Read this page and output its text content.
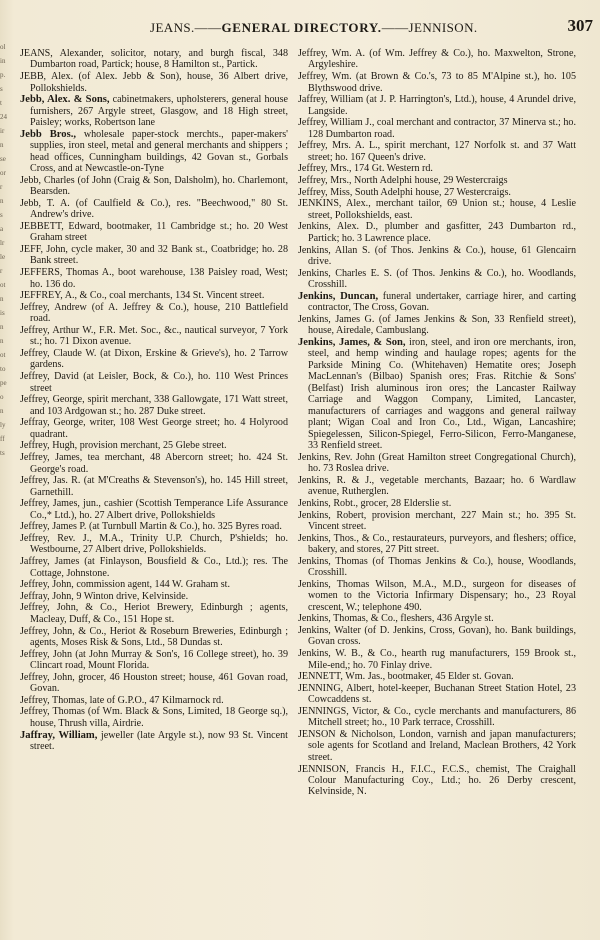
ol
in
p.
s
t
24
ir
n
se
or
r
n
s
a
lr
le
r
ot
n
is
n
n
ot
to
pe
o
n
ly
ff
ts
JEANS.——GENERAL DIRECTORY.——JENNISON.	307
JEANS, Alexander, solicitor, notary, and burgh fiscal, 348 Dumbarton road, Partick; house, 8 Hamilton st., Partick.
JEBB, Alex. (of Alex. Jebb & Son), house, 36 Albert drive, Pollokshields.
Jebb, Alex. & Sons, cabinetmakers, upholsterers, general house furnishers, 267 Argyle street, Glasgow, and 18 High street, Paisley; works, Robertson lane
Jebb Bros., wholesale paper-stock merchts., paper-makers' supplies, iron steel, metal and general merchants and shippers ; head offices, Cunningham buildings, 42 Govan st., Gorbals Cross, and at Newcastle-on-Tyne
Jebb, Charles (of John (Craig & Son, Dalsholm), ho. Charlemont, Bearsden.
Jebb, T. A. (of Caulfield & Co.), res. "Beechwood," 80 St. Andrew's drive.
JEBBETT, Edward, bootmaker, 11 Cambridge st.; ho. 20 West Graham street
JEFF, John, cycle maker, 30 and 32 Bank st., Coatbridge; ho. 28 Bank street.
JEFFERS, Thomas A., boot warehouse, 138 Paisley road, West; ho. 136 do.
JEFFREY, A., & Co., coal merchants, 134 St. Vincent street.
Jeffrey, Andrew (of A. Jeffrey & Co.), house, 210 Battlefield road.
Jeffrey, Arthur W., F.R. Met. Soc., &c., nautical surveyor, 7 York st.; ho. 71 Dixon avenue.
Jeffrey, Claude W. (at Dixon, Erskine & Grieve's), ho. 2 Tarrow gardens.
Jeffrey, David (at Leisler, Bock, & Co.), ho. 110 West Princes street
Jeffrey, George, spirit merchant, 338 Gallowgate, 171 Watt street, and 103 Ardgowan st.; ho. 287 Duke street.
Jeffray, George, writer, 108 West George street; ho. 4 Holyrood quadrant.
Jeffrey, Hugh, provision merchant, 25 Glebe street.
Jeffrey, James, tea merchant, 48 Abercorn street; ho. 424 St. George's road.
Jeffrey, Jas. R. (at M'Creaths & Stevenson's), ho. 145 Hill street, Garnethill.
Jeffrey, James, jun., cashier (Scottish Temperance Life Assurance Co.,* Ltd.), ho. 27 Albert drive, Pollokshields
Jeffrey, James P. (at Turnbull Martin & Co.), ho. 325 Byres road.
Jeffrey, Rev. J., M.A., Trinity U.P. Church, P'shields; ho. Westbourne, 27 Albert drive, Pollokshields.
Jaffrey, James (at Finlayson, Bousfield & Co., Ltd.); res. The Cottage, Johnstone.
Jeffrey, John, commission agent, 144 W. Graham st.
Jeffray, John, 9 Winton drive, Kelvinside.
Jeffrey, John, & Co., Heriot Brewery, Edinburgh ; agents, Macleay, Duff, & Co., 151 Hope st.
Jeffrey, John, & Co., Heriot & Roseburn Breweries, Edinburgh ; agents, Moses Risk & Sons, Ltd., 58 Dundas st.
Jeffrey, John (at John Murray & Son's, 16 College street), ho. 39 Clincart road, Mount Florida.
Jeffrey, John, grocer, 46 Houston street; house, 461 Govan road, Govan.
Jeffrey, Thomas, late of G.P.O., 47 Kilmarnock rd.
Jeffrey, Thomas (of Wm. Black & Sons, Limited, 18 George sq.), house, Thrush villa, Airdrie.
Jaffray, William, jeweller (late Argyle st.), now 93 St. Vincent street.
Jeffrey, Wm. A. (of Wm. Jeffrey & Co.), ho. Maxwelton, Strone, Argyleshire.
Jeffrey, Wm. (at Brown & Co.'s, 73 to 85 M'Alpine st.), ho. 105 Blythswood drive.
Jaffrey, William (at J. P. Harrington's, Ltd.), house, 4 Arundel drive, Langside.
Jeffrey, William J., coal merchant and contractor, 37 Minerva st.; ho. 128 Dumbarton road.
Jeffrey, Mrs. A. L., spirit merchant, 127 Norfolk st. and 37 Watt street; ho. 167 Queen's drive.
Jeffrey, Mrs., 174 Gt. Western rd.
Jeffrey, Mrs., North Adelphi house, 29 Westercraigs
Jeffrey, Miss, South Adelphi house, 27 Westercraigs.
JENKINS, Alex., merchant tailor, 69 Union st.; house, 4 Leslie street, Pollokshields, east.
Jenkins, Alex. D., plumber and gasfitter, 243 Dumbarton rd., Partick; ho. 3 Lawrence place.
Jenkins, Allan S. (of Thos. Jenkins & Co.), house, 61 Glencairn drive.
Jenkins, Charles E. S. (of Thos. Jenkins & Co.), ho. Woodlands, Crosshill.
Jenkins, Duncan, funeral undertaker, carriage hirer, and carting contractor, The Cross, Govan.
Jenkins, James G. (of James Jenkins & Son, 33 Renfield street), house, Airedale, Cambuslang.
Jenkins, James, & Son, iron, steel, and iron ore merchants, iron, steel, and hemp winding and haulage ropes; agents for the Parkside Mining Co. (Whitehaven) Hematite ores; Joseph MacLennan's (Bilbao) Spanish ores; Fras. Ritchie & Sons' (Belfast) Irish aluminous iron ores; the Lancaster Railway Carriage and Waggon Company, Limited, Lancaster, manufacturers of carriages and waggons and general railway plant; Wigan Coal and Iron Co., Ltd., Wigan, Lancashire; Spiegelessen, Silicon-Spiegel, Ferro-Silicon, Ferro-Manganese, 33 Renfield street.
Jenkins, Rev. John (Great Hamilton street Congregational Church), ho. 73 Roslea drive.
Jenkins, R. & J., vegetable merchants, Bazaar; ho. 6 Wardlaw avenue, Rutherglen.
Jenkins, Robt., grocer, 28 Elderslie st.
Jenkins, Robert, provision merchant, 227 Main st.; ho. 395 St. Vincent street.
Jenkins, Thos., & Co., restaurateurs, purveyors, and fleshers; office, bakery, and stores, 27 Pitt street.
Jenkins, Thomas (of Thomas Jenkins & Co.), house, Woodlands, Crosshill.
Jenkins, Thomas Wilson, M.A., M.D., surgeon for diseases of women to the Victoria Infirmary Dispensary; ho., 23 Royal crescent, W.; telephone 490.
Jenkins, Thomas, & Co., fleshers, 436 Argyle st.
Jenkins, Walter (of D. Jenkins, Cross, Govan), ho. Bank buildings, Govan cross.
Jenkins, W. B., & Co., hearth rug manufacturers, 159 Brook st., Mile-end,; ho. 70 Finlay drive.
JENNETT, Wm. Jas., bootmaker, 45 Elder st. Govan.
JENNING, Albert, hotel-keeper, Buchanan Street Station Hotel, 23 Cowcaddens st.
JENNINGS, Victor, & Co., cycle merchants and manufacturers, 86 Mitchell street; ho., 10 Park terrace, Crosshill.
JENSON & Nicholson, London, varnish and japan manufacturers; sole agents for Scotland and Ireland, Maclean Brothers, 42 York street.
JENNISON, Francis H., F.I.C., F.C.S., chemist, The Craighall Colour Manufacturing Coy., Ltd.; ho. 26 Derby crescent, Kelvinside, N.
